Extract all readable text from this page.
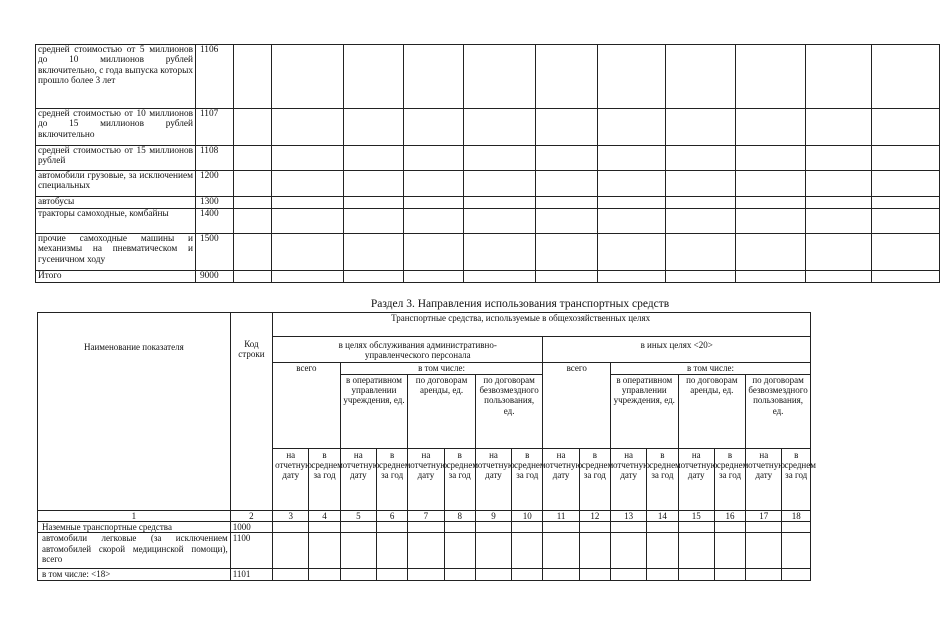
средней стоимостью от 5 миллионов до 10 миллионов рублей включительно, с года выпуска которых прошло более 3 лет	1106											
средней стоимостью от 10 миллионов до 15 миллионов рублей включительно	1107											
средней стоимостью от 15 миллионов рублей	1108											
автомобили грузовые, за исключением специальных	1200											
автобусы	1300											
тракторы самоходные, комбайны	1400											
прочие самоходные машины и механизмы на пневматическом и гусеничном ходу	1500											
Итого	9000											
Раздел 3. Направления использования транспортных средств
Наименование показателя	Код строки	Транспортные средства, используемые в общехозяйственных целях															
		в целях обслуживания административно-управленческого персонала								в иных целях <20>							

		всего		в том числе:						всего		в том числе:					
				в оперативном управлении учреждения, ед.		по договорам аренды, ед.		по договорам безвозмездного пользования, ед.				в оперативном управлении учреждения, ед.		по договорам аренды, ед.		по договорам безвозмездного пользования, ед.	
		на отчетную дату	в среднем за год	на отчетную дату	в среднем за год	на отчетную дату	в среднем за год	на отчетную дату	в среднем за год	на отчетную дату	в среднем за год	на отчетную дату	в среднем за год	на отчетную дату	в среднем за год	на отчетную дату	в среднем за год
1	2	3	4	5	6	7	8	9	10	11	12	13	14	15	16	17	18
Наземные транспортные средства	1000																
автомобили легковые (за исключением автомобилей скорой медицинской помощи), всего	1100																
в том числе: <18>	1101																
